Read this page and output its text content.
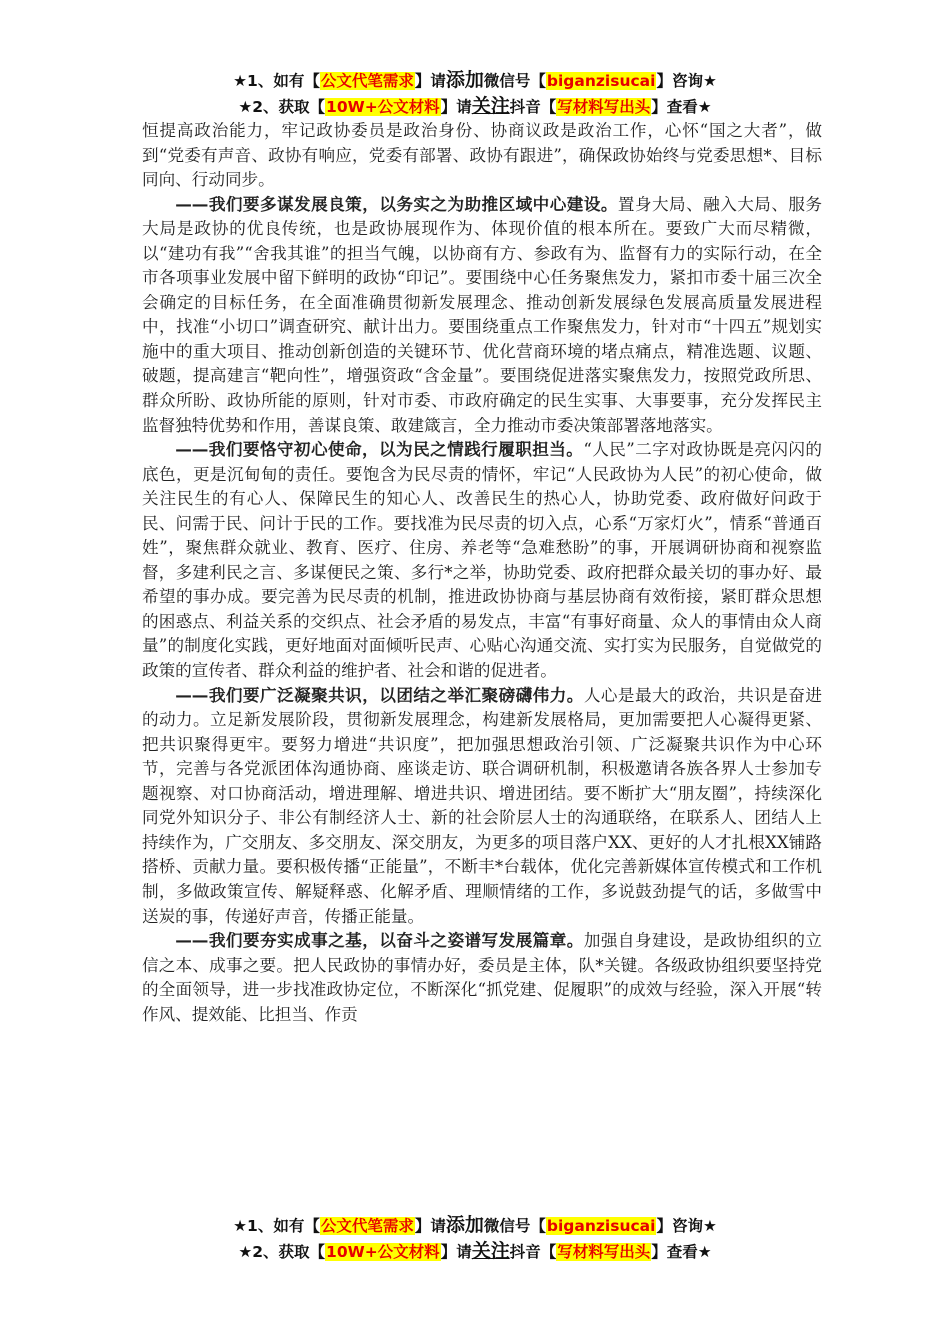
★1、如有【公文代笔需求】请添加微信号【biganzisucai】咨询★
★2、获取【10W+公文材料】请关注抖音【写材料写出头】查看★

恒提高政治能力，牢记政协委员是政治身份、协商议政是政治工作，心怀“国之大者”，做到“党委有声音、政协有响应，党委有部署、政协有跟进”，确保政协始终与党委思想*、目标同向、行动同步。

——我们要多谋发展良策，以务实之为助推区域中心建设。置身大局、融入大局、服务大局是政协的优良传统，也是政协展现作为、体现价值的根本所在。要致广大而尽精微，以“建功有我”“舍我其谁”的担当气魄，以协商有方、参政有为、监督有力的实际行动，在全市各项事业发展中留下鲜明的政协“印记”。要围绕中心任务聚焦发力，紧扣市委十届三次全会确定的目标任务，在全面准确贯彻新发展理念、推动创新发展绿色发展高质量发展进程中，找准“小切口”调查研究、献计出力。要围绕重点工作聚焦发力，针对市“十四五”规划实施中的重大项目、推动创新创造的关键环节、优化营商环境的堵点痛点，精准选题、议题、破题，提高建言“靶向性”，增强资政“含金量”。要围绕促进落实聚焦发力，按照党政所思、群众所盼、政协所能的原则，针对市委、市政府确定的民生实事、大事要事，充分发挥民主监督独特优势和作用，善谋良策、敢建箴言，全力推动市委决策部署落地落实。

——我们要恪守初心使命，以为民之情践行履职担当。“人民”二字对政协既是亮闪闪的底色，更是沉甸甸的责任。要饱含为民尽责的情怀，牢记“人民政协为人民”的初心使命，做关注民生的有心人、保障民生的知心人、改善民生的热心人，协助党委、政府做好问政于民、问需于民、问计于民的工作。要找准为民尽责的切入点，心系“万家灯火”，情系“普通百姓”，聚焦群众就业、教育、医疗、住房、养老等“急难愁盼”的事，开展调研协商和视察监督，多建利民之言、多谋便民之策、多行*之举，协助党委、政府把群众最关切的事办好、最希望的事办成。要完善为民尽责的机制，推进政协协商与基层协商有效衔接，紧盯群众思想的困惑点、利益关系的交织点、社会矛盾的易发点，丰富“有事好商量、众人的事情由众人商量”的制度化实践，更好地面对面倾听民声、心贴心沟通交流、实打实为民服务，自觉做党的政策的宣传者、群众利益的维护者、社会和谐的促进者。

——我们要广泛凝聚共识，以团结之举汇聚磅礴伟力。人心是最大的政治，共识是奋进的动力。立足新发展阶段，贯彻新发展理念，构建新发展格局，更加需要把人心凝得更紧、把共识聚得更牢。要努力增进“共识度”，把加强思想政治引领、广泛凝聚共识作为中心环节，完善与各党派团体沟通协商、座谈走访、联合调研机制，积极邀请各族各界人士参加专题视察、对口协商活动，增进理解、增进共识、增进团结。要不断扩大“朋友圈”，持续深化同党外知识分子、非公有制经济人士、新的社会阶层人士的沟通联络，在联系人、团结人上持续作为，广交朋友、多交朋友、深交朋友，为更多的项目落户XX、更好的人才扎根XX铺路搭桥、贡献力量。要积极传播“正能量”，不断丰*台载体，优化完善新媒体宣传模式和工作机制，多做政策宣传、解疑释惑、化解矛盾、理顺情绪的工作，多说鼓劲提气的话，多做雪中送炭的事，传递好声音，传播正能量。

——我们要夯实成事之基，以奋斗之姿谱写发展篇章。加强自身建设，是政协组织的立信之本、成事之要。把人民政协的事情办好，委员是主体，队*关键。各级政协组织要坚持党的全面领导，进一步找准政协定位，不断深化“抓党建、促履职”的成效与经验，深入开展“转作风、提效能、比担当、作贡

★1、如有【公文代笔需求】请添加微信号【biganzisucai】咨询★
★2、获取【10W+公文材料】请关注抖音【写材料写出头】查看★
